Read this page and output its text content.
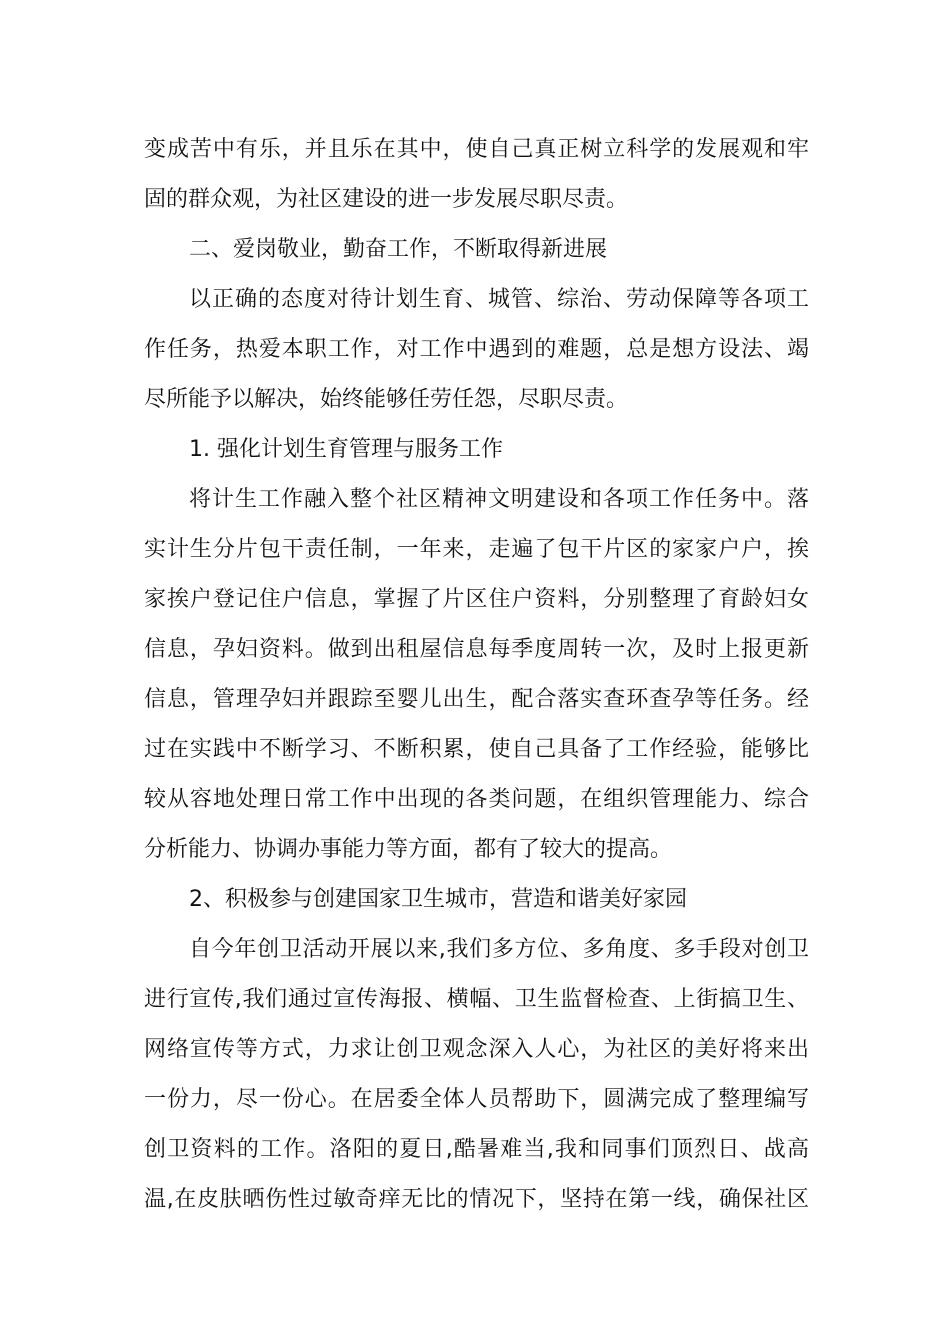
变成苦中有乐，并且乐在其中，使自己真正树立科学的发展观和牢
固的群众观，为社区建设的进一步发展尽职尽责。
二、爱岗敬业，勤奋工作，不断取得新进展
以正确的态度对待计划生育、城管、综治、劳动保障等各项工
作任务，热爱本职工作，对工作中遇到的难题，总是想方设法、竭
尽所能予以解决，始终能够任劳任怨，尽职尽责。
1. 强化计划生育管理与服务工作
将计生工作融入整个社区精神文明建设和各项工作任务中。落
实计生分片包干责任制，一年来，走遍了包干片区的家家户户，挨
家挨户登记住户信息，掌握了片区住户资料，分别整理了育龄妇女
信息，孕妇资料。做到出租屋信息每季度周转一次，及时上报更新
信息，管理孕妇并跟踪至婴儿出生，配合落实查环查孕等任务。经
过在实践中不断学习、不断积累，使自己具备了工作经验，能够比
较从容地处理日常工作中出现的各类问题，在组织管理能力、综合
分析能力、协调办事能力等方面，都有了较大的提高。
2、积极参与创建国家卫生城市，营造和谐美好家园
自今年创卫活动开展以来,我们多方位、多角度、多手段对创卫
进行宣传,我们通过宣传海报、横幅、卫生监督检查、上街搞卫生、
网络宣传等方式，力求让创卫观念深入人心，为社区的美好将来出
一份力，尽一份心。在居委全体人员帮助下，圆满完成了整理编写
创卫资料的工作。洛阳的夏日,酷暑难当,我和同事们顶烈日、战高
温,在皮肤晒伤性过敏奇痒无比的情况下，坚持在第一线，确保社区
